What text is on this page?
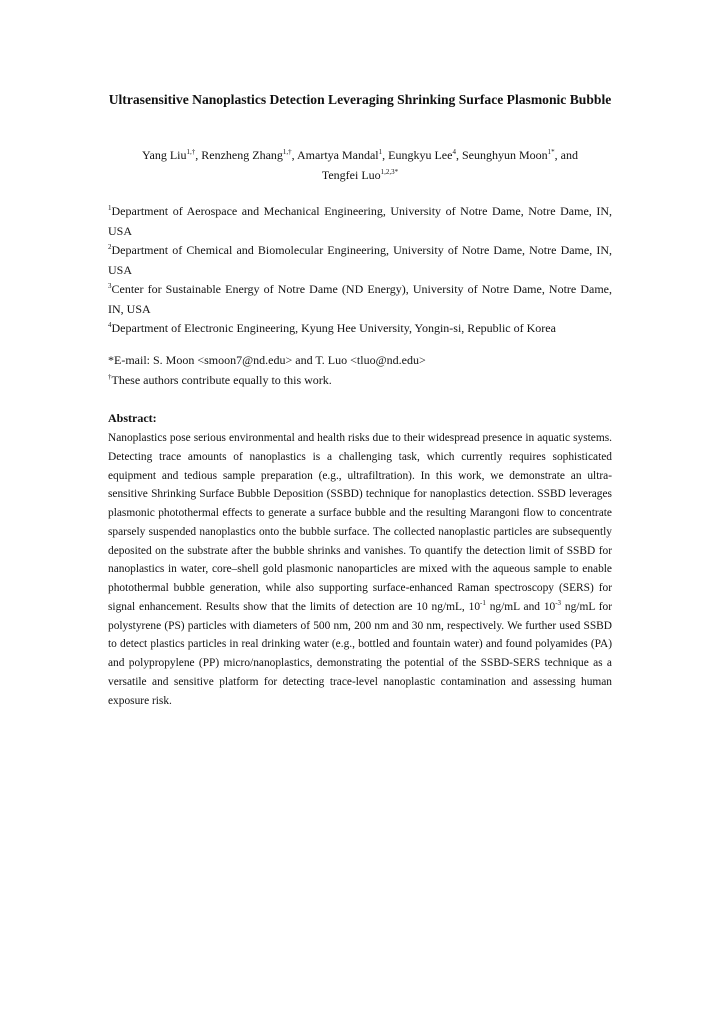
Ultrasensitive Nanoplastics Detection Leveraging Shrinking Surface Plasmonic Bubble
Yang Liu$^{1,\dagger}$, Renzheng Zhang$^{1,\dagger}$, Amartya Mandal$^1$, Eungkyu Lee$^4$, Seunghyun Moon$^{1*}$, and
Tengfei Luo$^{1,2,3*}$

$^1$Department of Aerospace and Mechanical Engineering, University of Notre Dame, Notre Dame, IN, USA

$^2$Department of Chemical and Biomolecular Engineering, University of Notre Dame, Notre Dame, IN, USA

$^3$Center for Sustainable Energy of Notre Dame (ND Energy), University of Notre Dame, Notre Dame, IN, USA

$^4$Department of Electronic Engineering, Kyung Hee University, Yongin-si, Republic of Korea

*E-mail: S. Moon <smoon7@nd.edu> and T. Luo <tluo@nd.edu>

†These authors contribute equally to this work.

Abstract:

Nanoplastics pose serious environmental and health risks due to their widespread presence in aquatic systems. Detecting trace amounts of nanoplastics is a challenging task, which currently requires sophisticated equipment and tedious sample preparation (e.g., ultrafiltration). In this work, we demonstrate an ultra-sensitive Shrinking Surface Bubble Deposition (SSBD) technique for nanoplastics detection. SSBD leverages plasmonic photothermal effects to generate a surface bubble and the resulting Marangoni flow to concentrate sparsely suspended nanoplastics onto the bubble surface. The collected nanoplastic particles are subsequently deposited on the substrate after the bubble shrinks and vanishes. To quantify the detection limit of SSBD for nanoplastics in water, core–shell gold plasmonic nanoparticles are mixed with the aqueous sample to enable photothermal bubble generation, while also supporting surface-enhanced Raman spectroscopy (SERS) for signal enhancement. Results show that the limits of detection are 10 ng/mL, $10^{-1}$ ng/mL and $10^{-3}$ ng/mL for polystyrene (PS) particles with diameters of 500 nm, 200 nm and 30 nm, respectively. We further used SSBD to detect plastics particles in real drinking water (e.g., bottled and fountain water) and found polyamides (PA) and polypropylene (PP) micro/nanoplastics, demonstrating the potential of the SSBD-SERS technique as a versatile and sensitive platform for detecting trace-level nanoplastic contamination and assessing human exposure risk.
